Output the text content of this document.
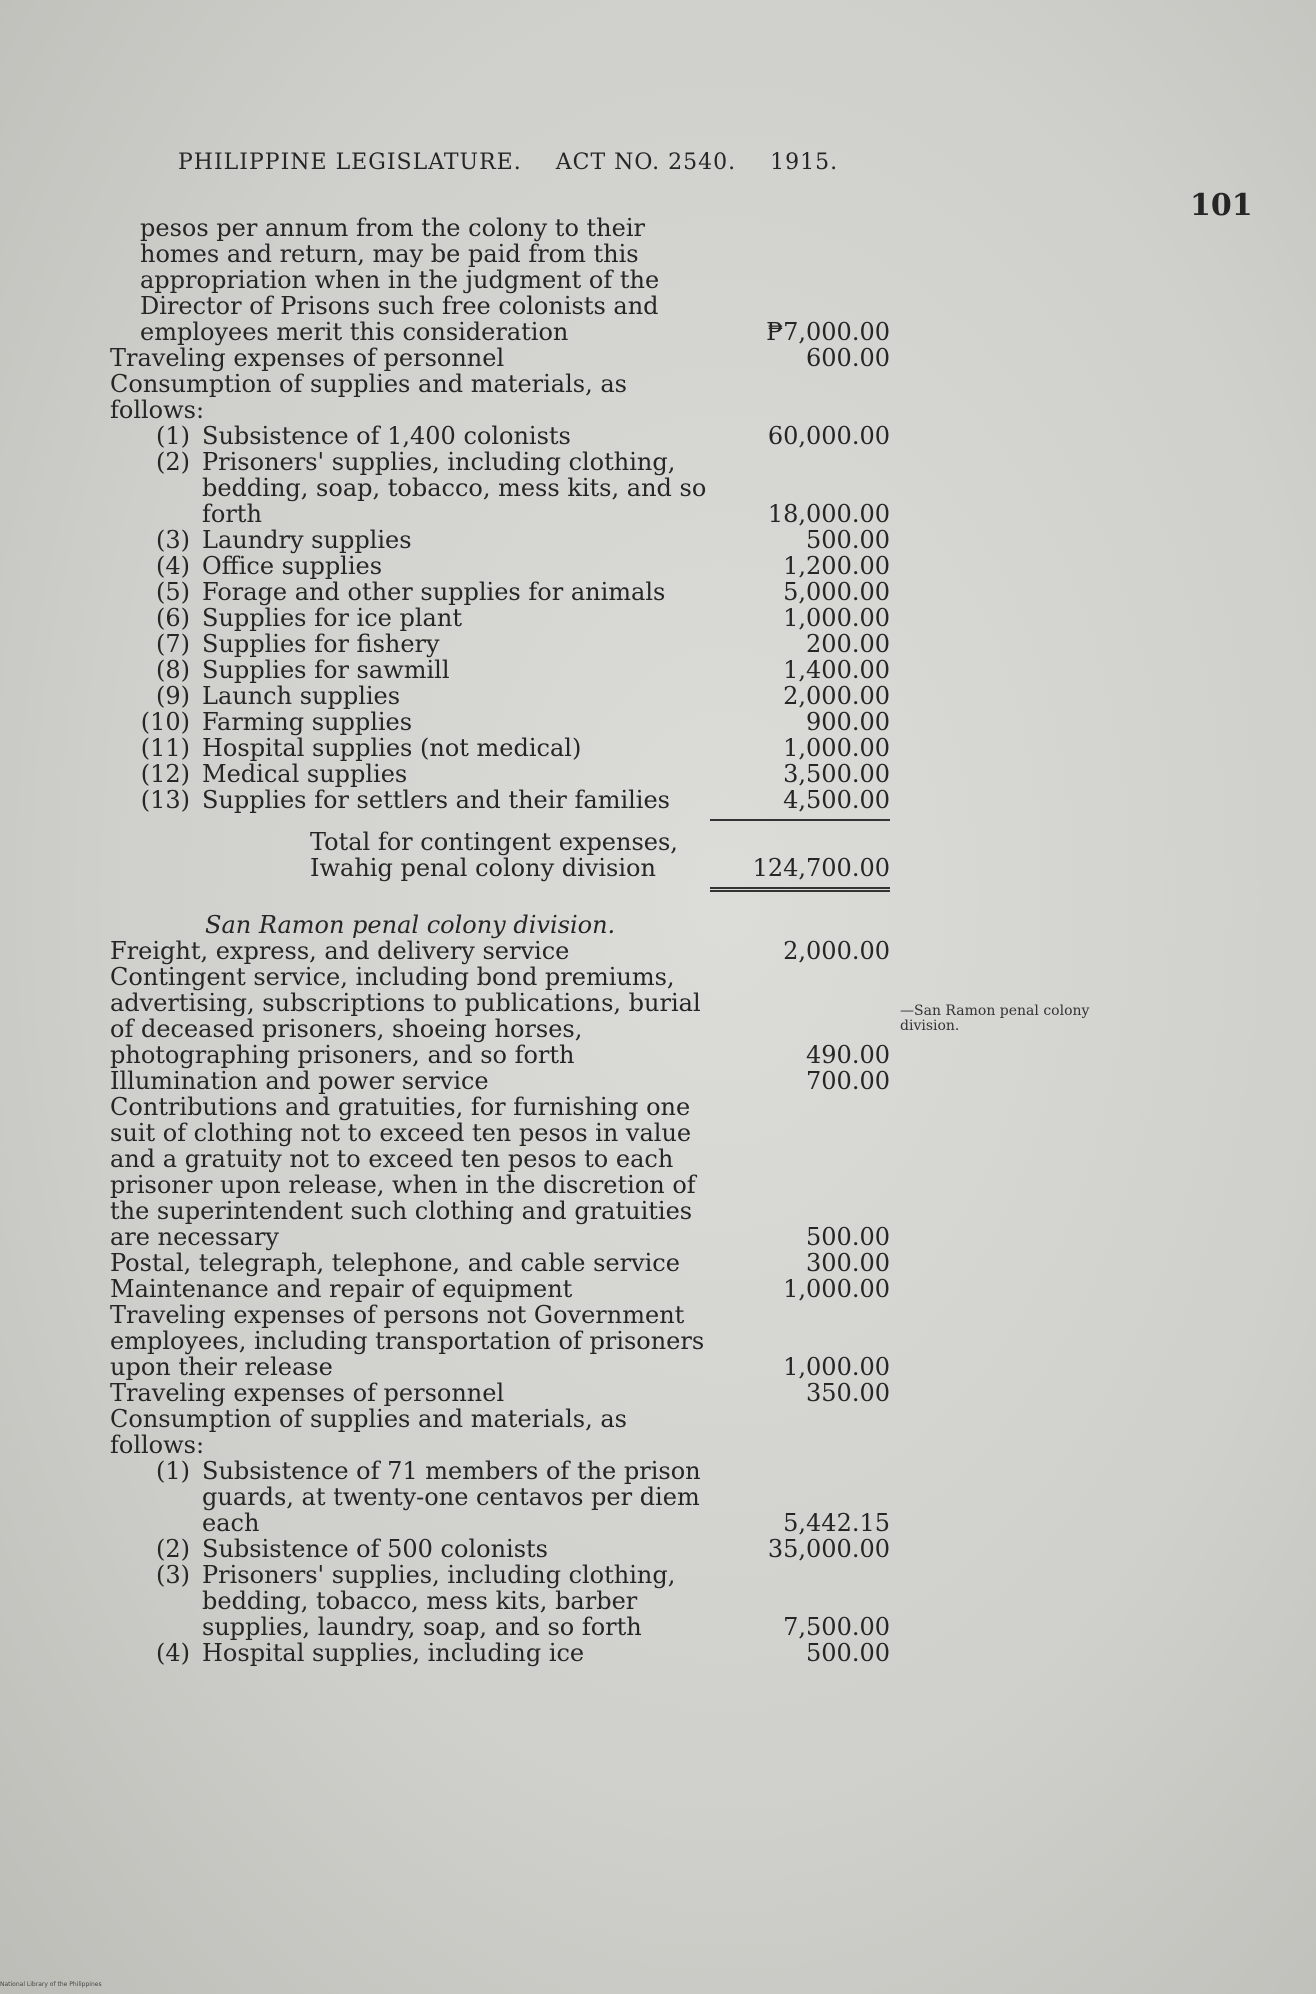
PHILIPPINE LEGISLATURE. ACT NO. 2540. 1915.
101
pesos per annum from the colony to their homes and return, may be paid from this appropriation when in the judgment of the Director of Prisons such free colonists and employees merit this consideration	₱7,000.00
Traveling expenses of personnel	600.00
Consumption of supplies and materials, as follows:
(1) Subsistence of 1,400 colonists	60,000.00
(2) Prisoners' supplies, including clothing, bedding, soap, tobacco, mess kits, and so forth	18,000.00
(3) Laundry supplies	500.00
(4) Office supplies	1,200.00
(5) Forage and other supplies for animals	5,000.00
(6) Supplies for ice plant	1,000.00
(7) Supplies for fishery	200.00
(8) Supplies for sawmill	1,400.00
(9) Launch supplies	2,000.00
(10) Farming supplies	900.00
(11) Hospital supplies (not medical)	1,000.00
(12) Medical supplies	3,500.00
(13) Supplies for settlers and their families	4,500.00
Total for contingent expenses, Iwahig penal colony division	124,700.00
San Ramon penal colony division.
Freight, express, and delivery service	2,000.00
Contingent service, including bond premiums, advertising, subscriptions to publications, burial of deceased prisoners, shoeing horses, photographing prisoners, and so forth	490.00
Illumination and power service	700.00
Contributions and gratuities, for furnishing one suit of clothing not to exceed ten pesos in value and a gratuity not to exceed ten pesos to each prisoner upon release, when in the discretion of the superintendent such clothing and gratuities are necessary	500.00
Postal, telegraph, telephone, and cable service	300.00
Maintenance and repair of equipment	1,000.00
Traveling expenses of persons not Government employees, including transportation of prisoners upon their release	1,000.00
Traveling expenses of personnel	350.00
Consumption of supplies and materials, as follows:
(1) Subsistence of 71 members of the prison guards, at twenty-one centavos per diem each	5,442.15
(2) Subsistence of 500 colonists	35,000.00
(3) Prisoners' supplies, including clothing, bedding, tobacco, mess kits, barber supplies, laundry, soap, and so forth	7,500.00
(4) Hospital supplies, including ice	500.00
—San Ramon penal colony division.
National Library of the Philippines
